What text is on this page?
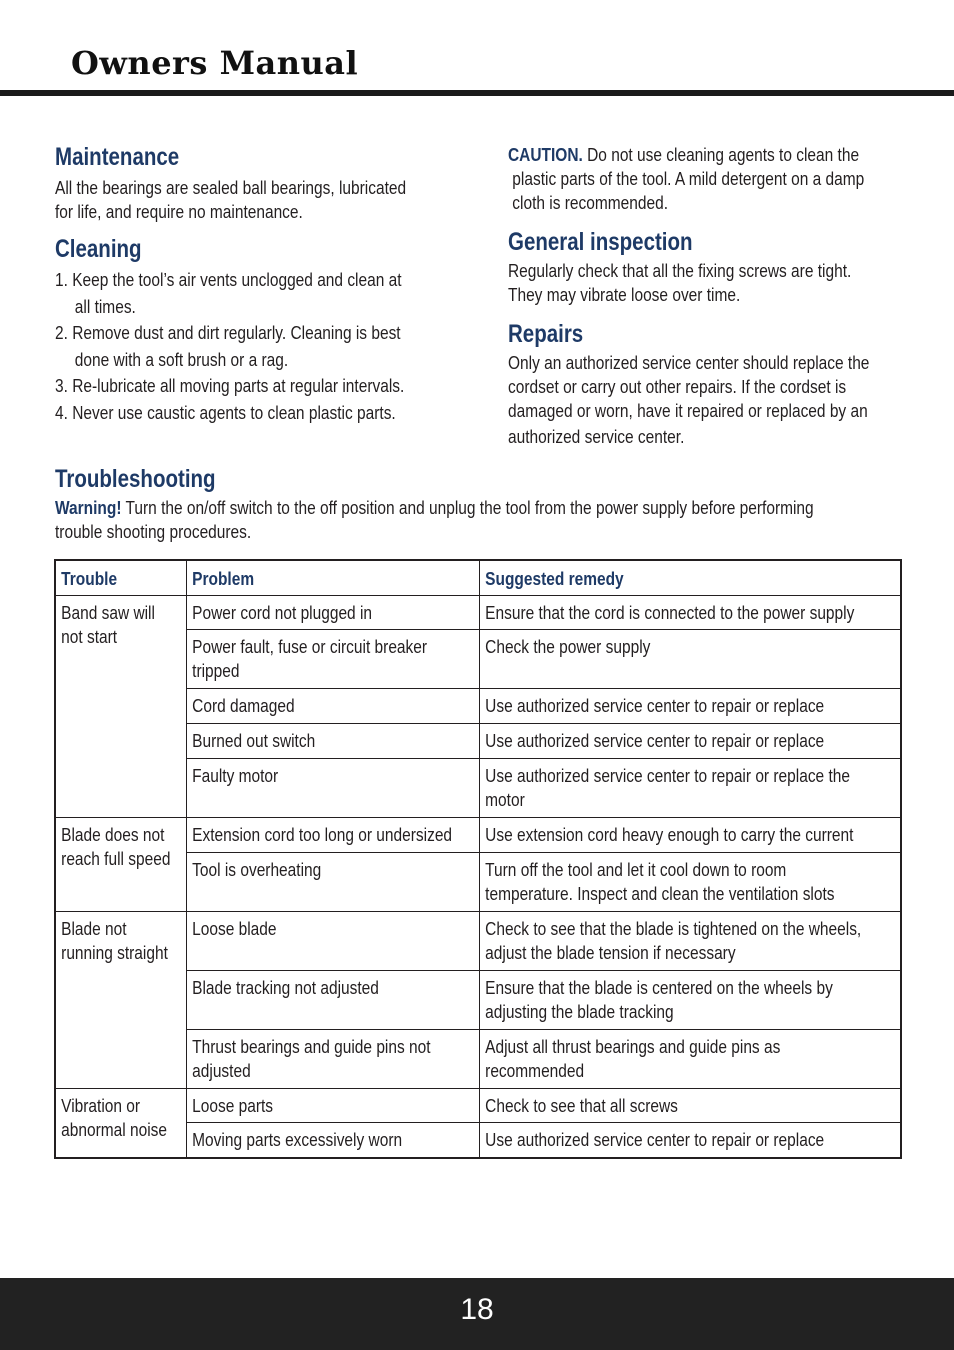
Owners Manual
Maintenance

All the bearings are sealed ball bearings, lubricated

for life, and require no maintenance.

Cleaning
1. Keep the tool’s air vents unclogged and clean at
all times.
2. Remove dust and dirt regularly. Cleaning is best
done with a soft brush or a rag.
3. Re-lubricate all moving parts at regular intervals.
4. Never use caustic agents to clean plastic parts.

CAUTION. Do not use cleaning agents to clean the

plastic parts of the tool. A mild detergent on a damp

cloth is recommended.

General inspection

Regularly check that all the fixing screws are tight.

They may vibrate loose over time.

Repairs

Only an authorized service center should replace the

cordset or carry out other repairs. If the cordset is

damaged or worn, have it repaired or replaced by an

authorized service center.

Troubleshooting

Warning! Turn the on/off switch to the off position and unplug the tool from the power supply before performing

trouble shooting procedures.

Trouble	Problem	Suggested remedy

Band saw will
not start	Power cord not plugged in	Ensure that the cord is connected to the power supply

	Power fault, fuse or circuit breaker
tripped	Check the power supply

	Cord damaged	Use authorized service center to repair or replace

	Burned out switch	Use authorized service center to repair or replace

	Faulty motor	Use authorized service center to repair or replace the
motor

Blade does not
reach full speed	Extension cord too long or undersized	Use extension cord heavy enough to carry the current

	Tool is overheating	Turn off the tool and let it cool down to room
temperature. Inspect and clean the ventilation slots

Blade not
running straight	Loose blade	Check to see that the blade is tightened on the wheels,
adjust the blade tension if necessary

	Blade tracking not adjusted	Ensure that the blade is centered on the wheels by
adjusting the blade tracking

	Thrust bearings and guide pins not
adjusted	Adjust all thrust bearings and guide pins as
recommended

Vibration or
abnormal noise	Loose parts	Check to see that all screws

	Moving parts excessively worn	Use authorized service center to repair or replace
18
